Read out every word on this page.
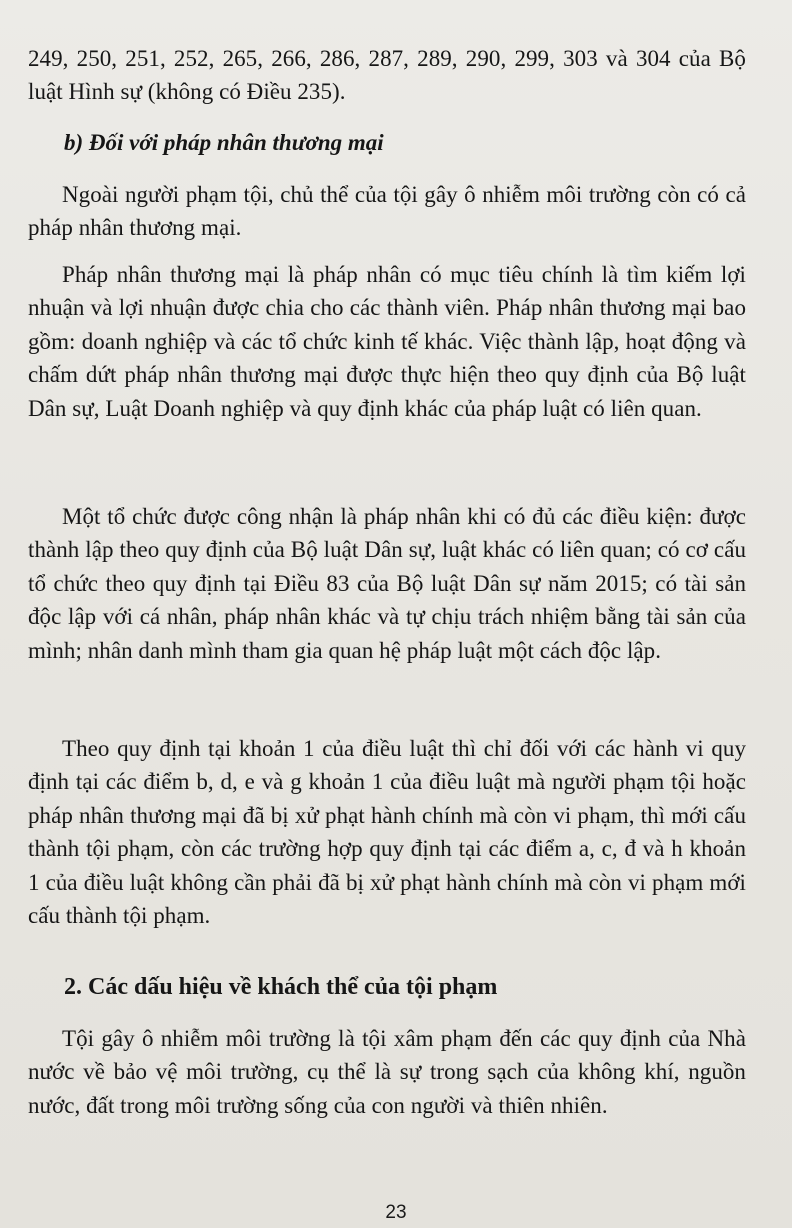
249, 250, 251, 252, 265, 266, 286, 287, 289, 290, 299, 303 và 304 của Bộ luật Hình sự (không có Điều 235).
b) Đối với pháp nhân thương mại
Ngoài người phạm tội, chủ thể của tội gây ô nhiễm môi trường còn có cả pháp nhân thương mại.
Pháp nhân thương mại là pháp nhân có mục tiêu chính là tìm kiếm lợi nhuận và lợi nhuận được chia cho các thành viên. Pháp nhân thương mại bao gồm: doanh nghiệp và các tổ chức kinh tế khác. Việc thành lập, hoạt động và chấm dứt pháp nhân thương mại được thực hiện theo quy định của Bộ luật Dân sự, Luật Doanh nghiệp và quy định khác của pháp luật có liên quan.
Một tổ chức được công nhận là pháp nhân khi có đủ các điều kiện: được thành lập theo quy định của Bộ luật Dân sự, luật khác có liên quan; có cơ cấu tổ chức theo quy định tại Điều 83 của Bộ luật Dân sự năm 2015; có tài sản độc lập với cá nhân, pháp nhân khác và tự chịu trách nhiệm bằng tài sản của mình; nhân danh mình tham gia quan hệ pháp luật một cách độc lập.
Theo quy định tại khoản 1 của điều luật thì chỉ đối với các hành vi quy định tại các điểm b, d, e và g khoản 1 của điều luật mà người phạm tội hoặc pháp nhân thương mại đã bị xử phạt hành chính mà còn vi phạm, thì mới cấu thành tội phạm, còn các trường hợp quy định tại các điểm a, c, đ và h khoản 1 của điều luật không cần phải đã bị xử phạt hành chính mà còn vi phạm mới cấu thành tội phạm.
2. Các dấu hiệu về khách thể của tội phạm
Tội gây ô nhiễm môi trường là tội xâm phạm đến các quy định của Nhà nước về bảo vệ môi trường, cụ thể là sự trong sạch của không khí, nguồn nước, đất trong môi trường sống của con người và thiên nhiên.
23
